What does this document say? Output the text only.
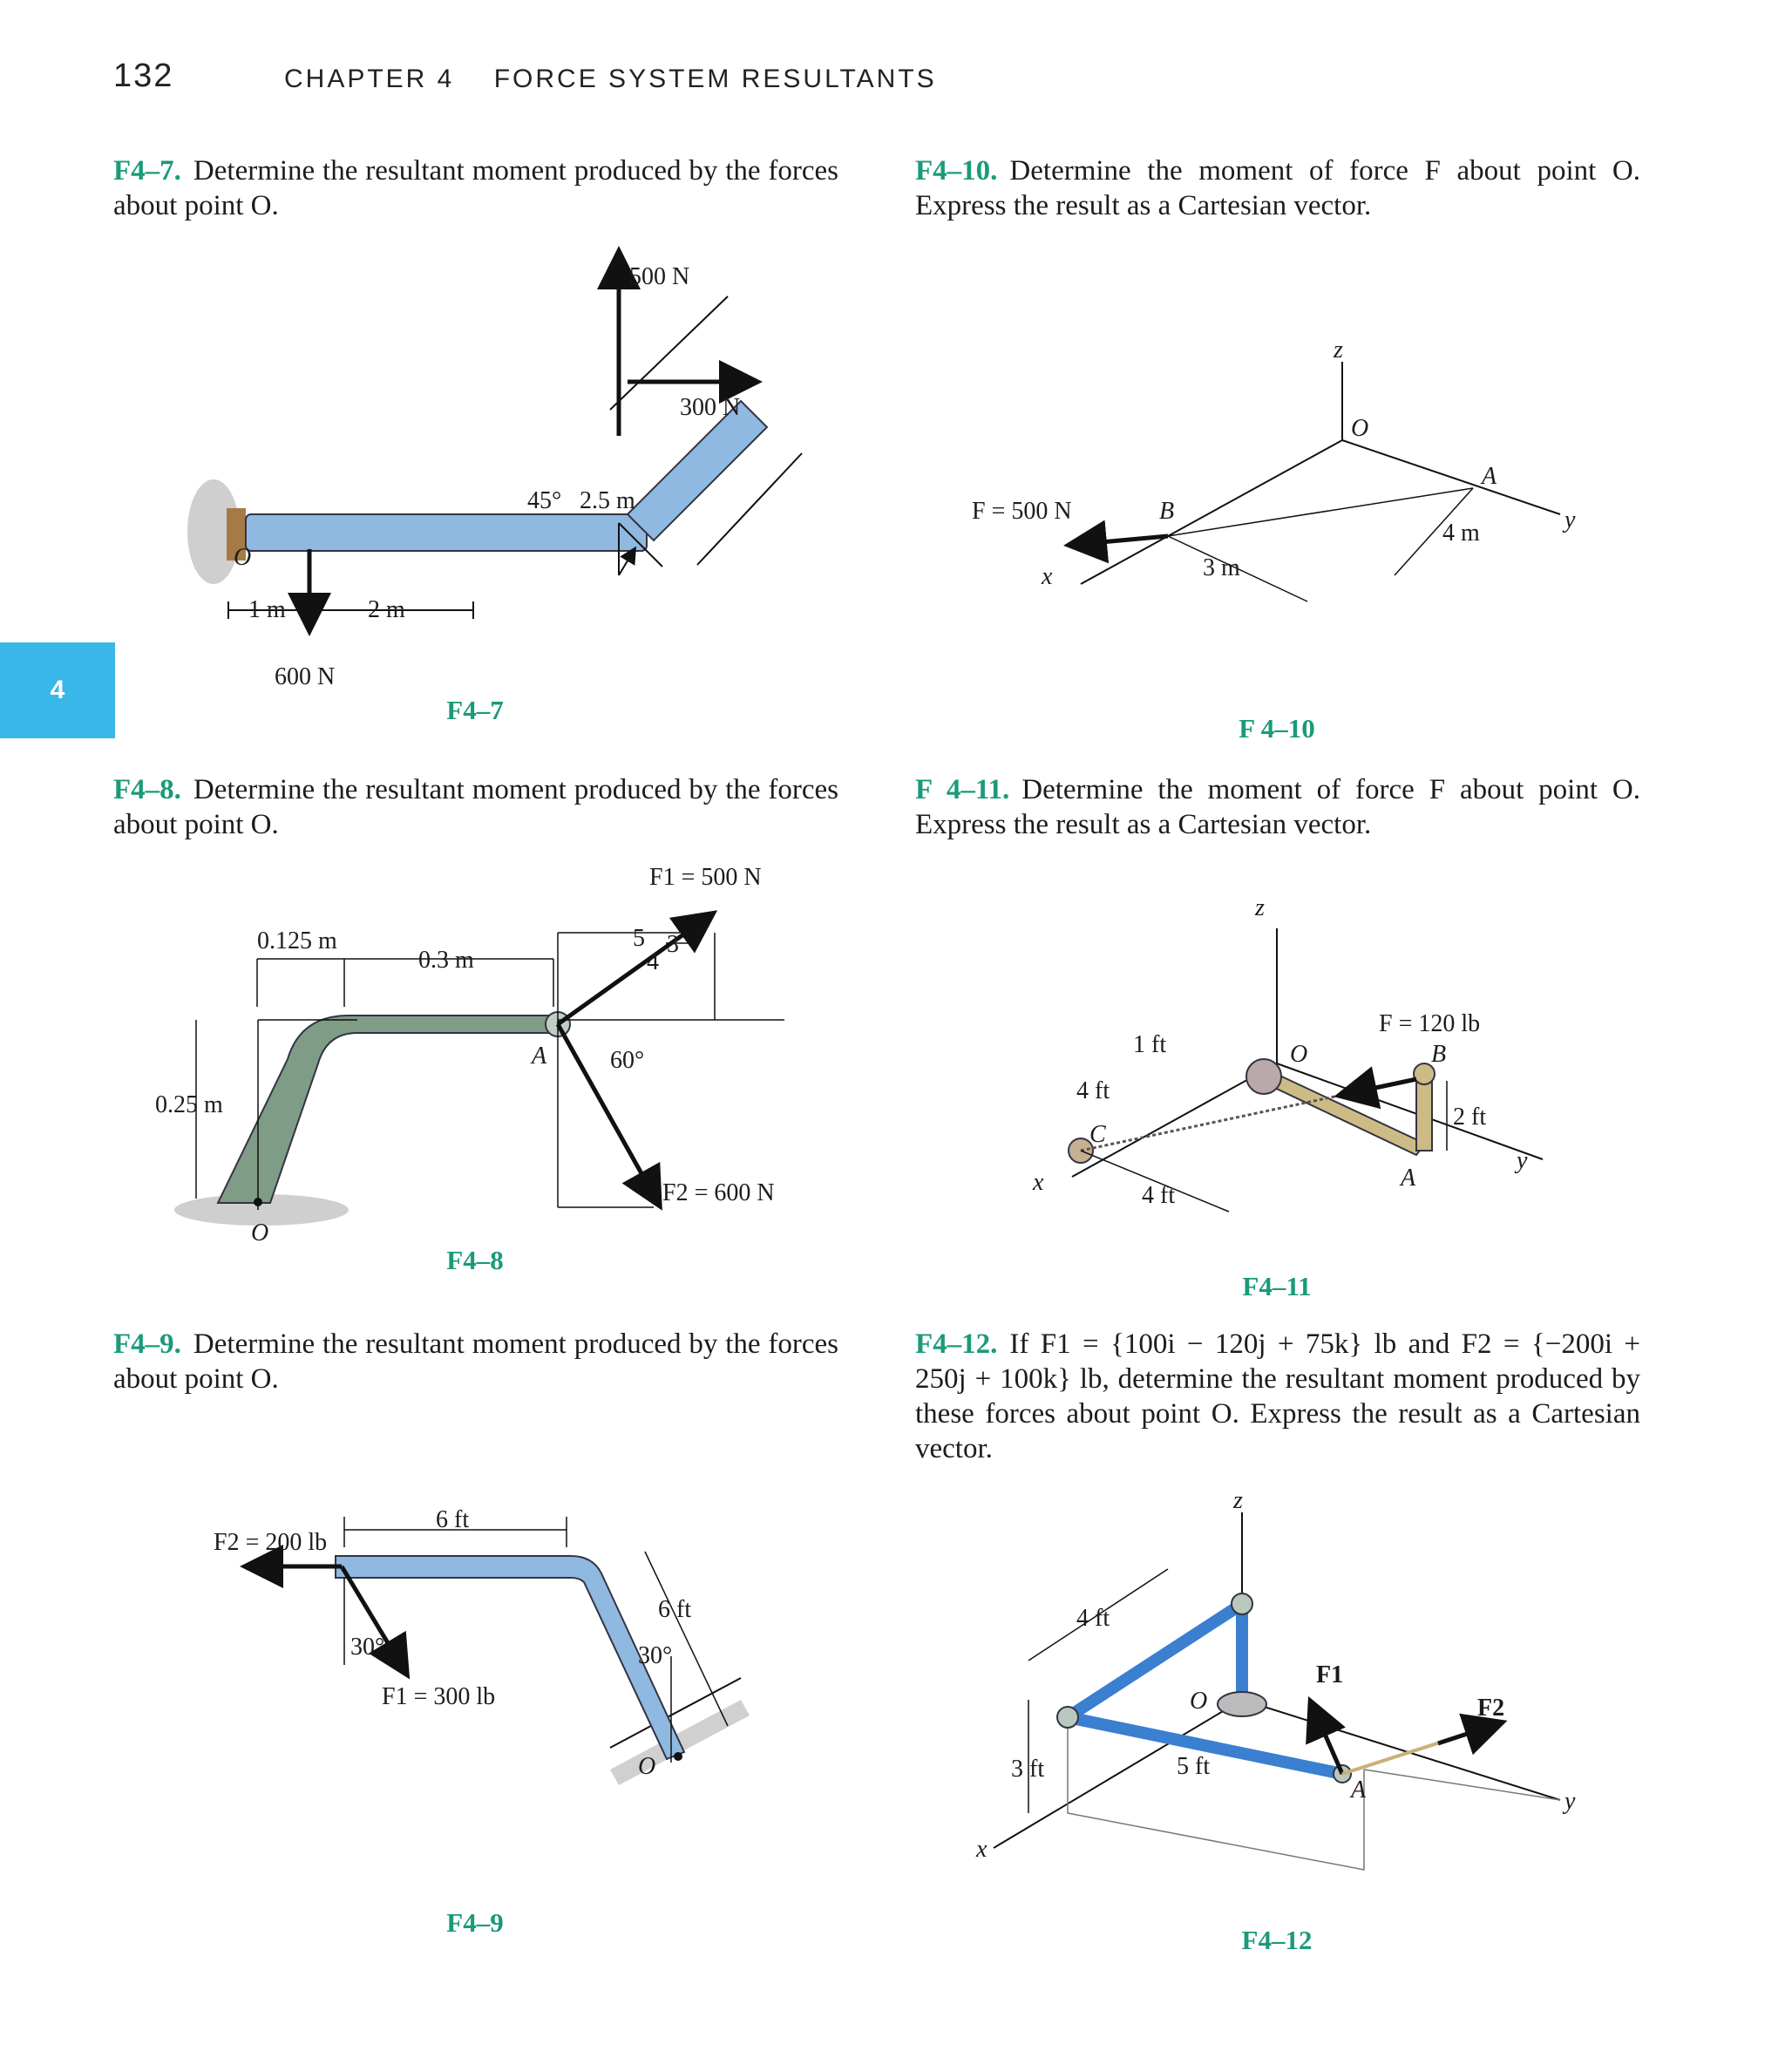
132	CHAPTER 4 FORCE SYSTEM RESULTANTS
4
F4–7. Determine the resultant moment produced by the forces about point O.
F4–8. Determine the resultant moment produced by the forces about point O.
F4–9. Determine the resultant moment produced by the forces about point O.
F4–10. Determine the moment of force F about point O. Express the result as a Cartesian vector.
F 4–11. Determine the moment of force F about point O. Express the result as a Cartesian vector.
F4–12. If F1 = {100i − 120j + 75k} lb and F2 = {−200i + 250j + 100k} lb, determine the resultant moment produced by these forces about point O. Express the result as a Cartesian vector.
500 N
300 N
45° 2.5 m
O
1 m	2 m
600 N
F4–7
F1 = 500 N
F2 = 600 N
0.125 m
0.3 m
0.25 m
60°
5 3
4
A
O
F4–8
F2 = 200 lb
F1 = 300 lb
6 ft
6 ft
30°	30°
O
F4–9
z
O
A
B
F = 500 N	y
x	3 m
4 m
F 4–10
z
O	B
A
C
F = 120 lb
1 ft
4 ft
4 ft
2 ft
y
x
F4–11
z
O
A
F1
F2
4 ft
5 ft
3 ft
y
x
F4–12
